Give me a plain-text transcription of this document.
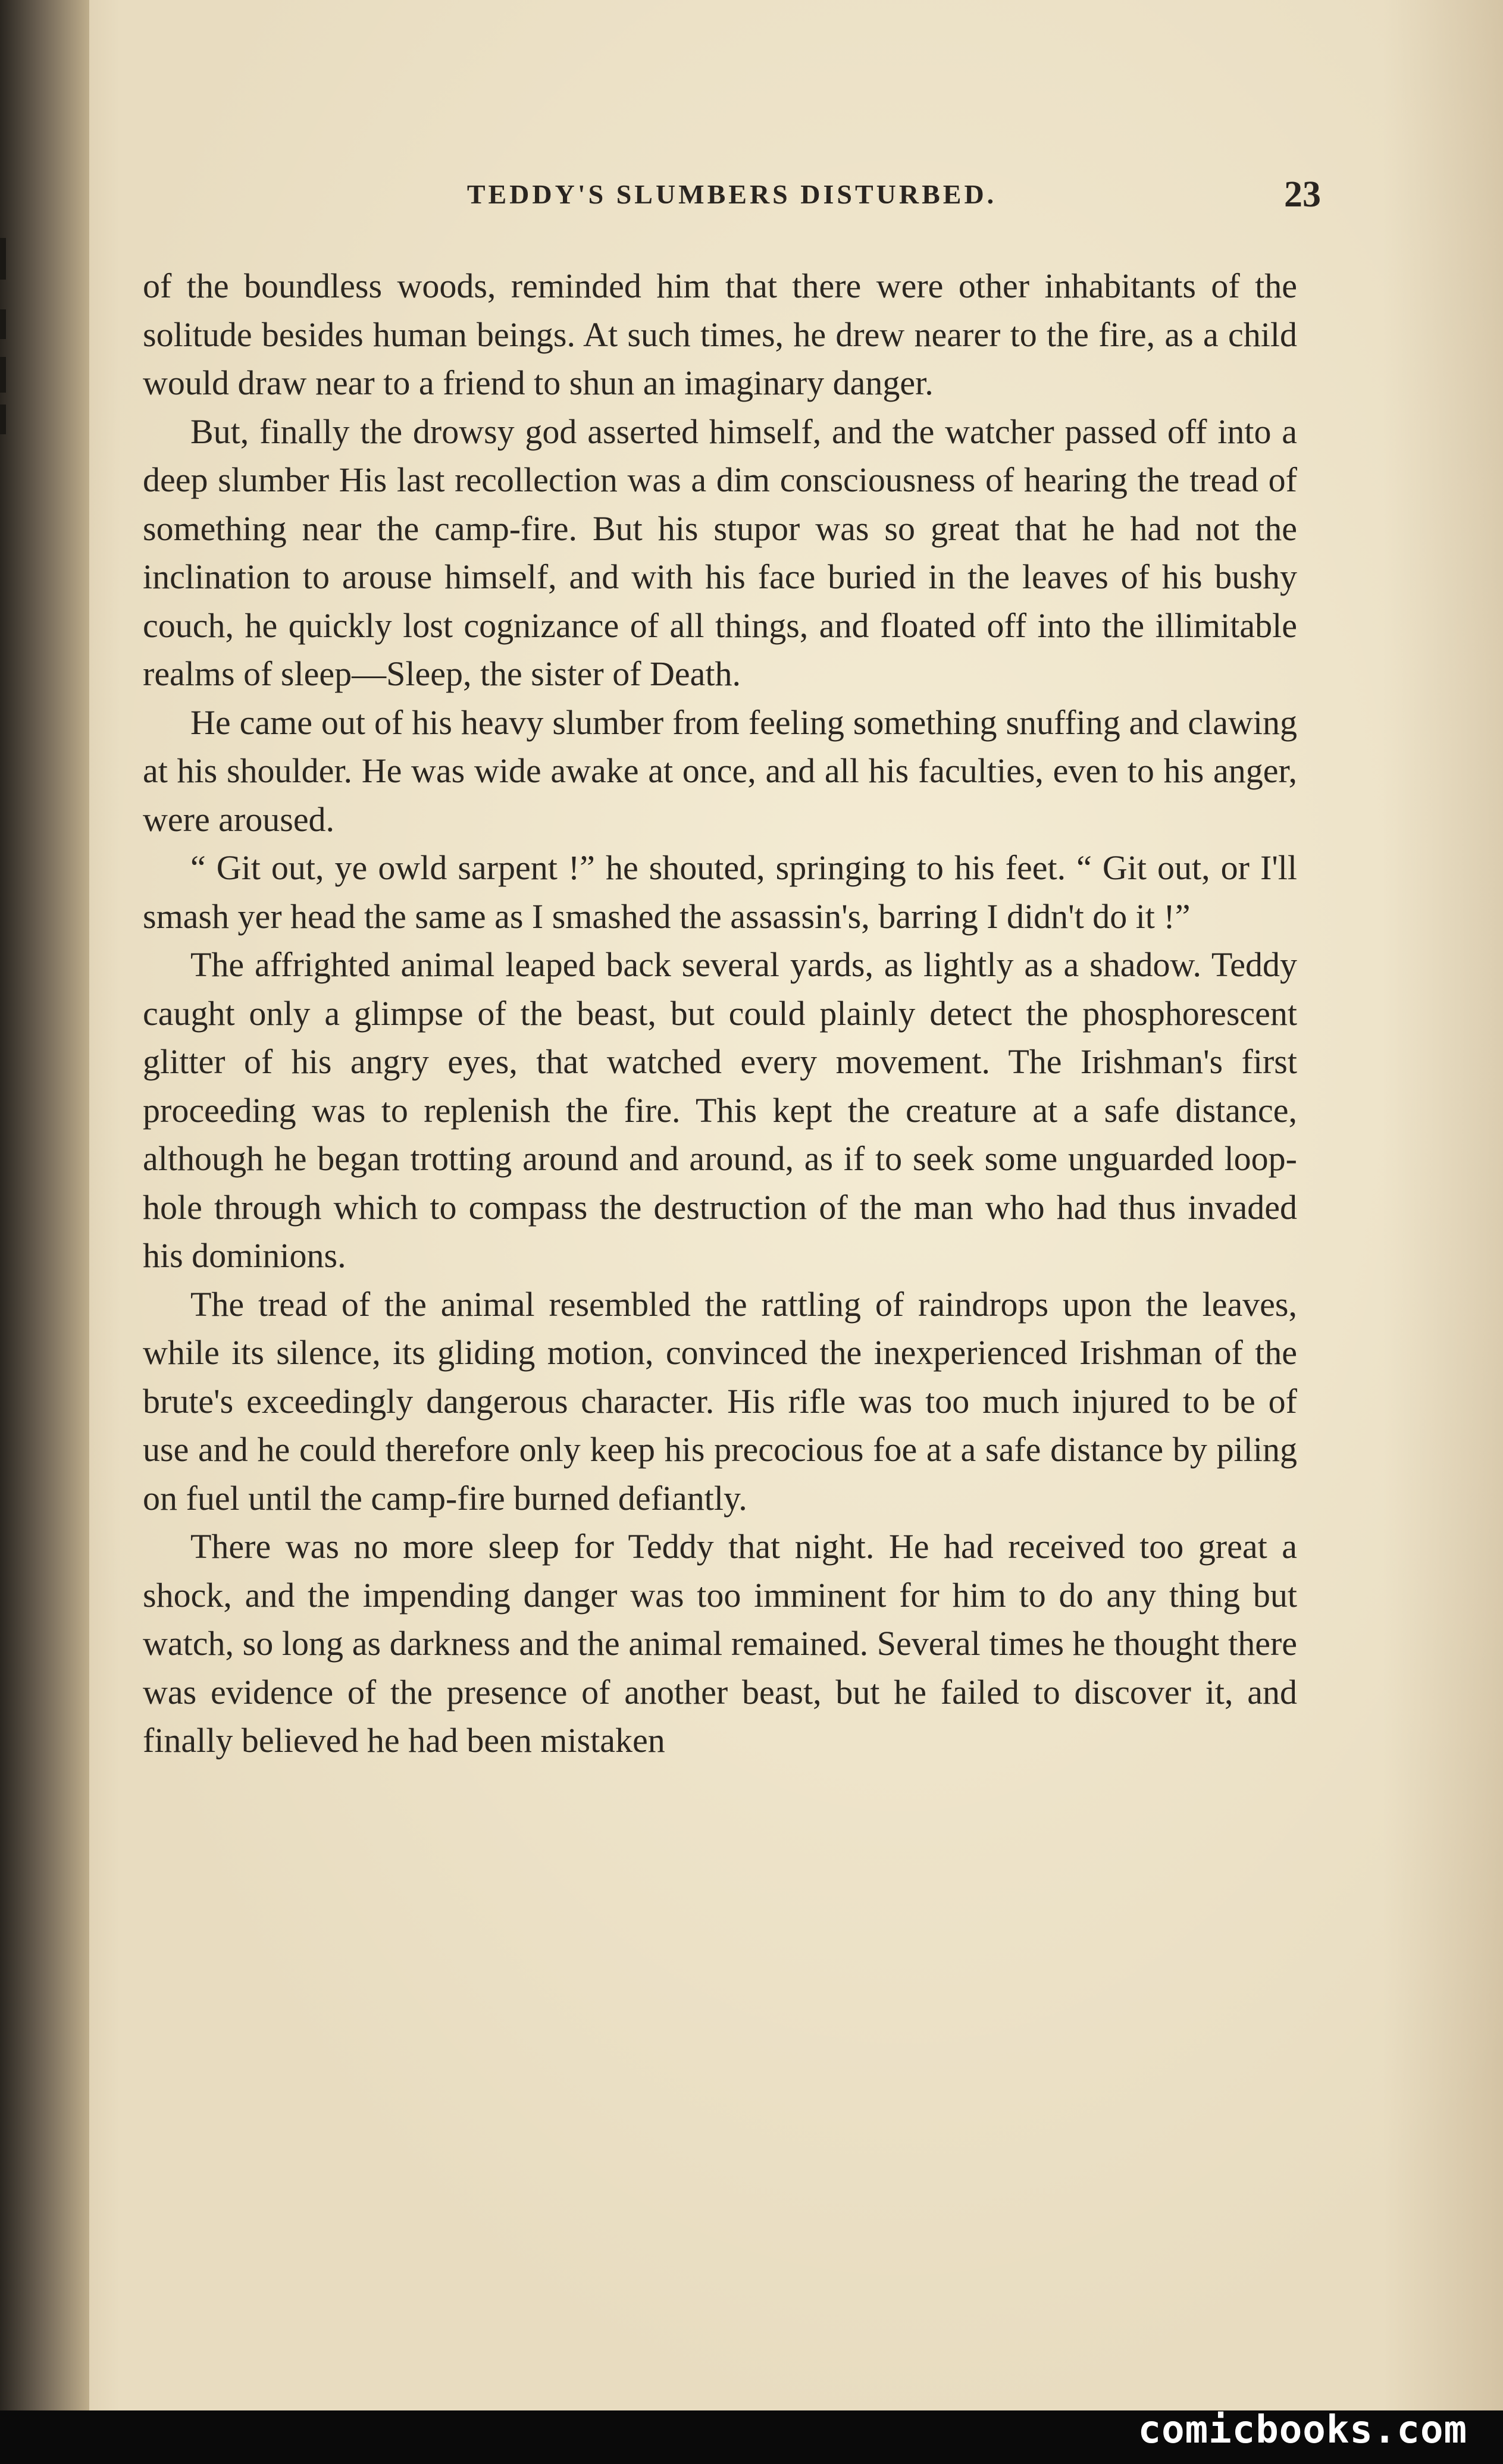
TEDDY'S SLUMBERS DISTURBED.	23

of the boundless woods, reminded him that there were other inhabitants of the solitude besides human beings. At such times, he drew nearer to the fire, as a child would draw near to a friend to shun an imaginary danger.

But, finally the drowsy god asserted himself, and the watcher passed off into a deep slumber His last recollection was a dim consciousness of hearing the tread of something near the camp-fire. But his stupor was so great that he had not the inclination to arouse himself, and with his face buried in the leaves of his bushy couch, he quickly lost cognizance of all things, and floated off into the illimitable realms of sleep—Sleep, the sister of Death.

He came out of his heavy slumber from feeling something snuffing and clawing at his shoulder. He was wide awake at once, and all his faculties, even to his anger, were aroused.

“ Git out, ye owld sarpent !” he shouted, springing to his feet. “ Git out, or I'll smash yer head the same as I smashed the assassin's, barring I didn't do it !”

The affrighted animal leaped back several yards, as lightly as a shadow. Teddy caught only a glimpse of the beast, but could plainly detect the phosphorescent glitter of his angry eyes, that watched every movement. The Irishman's first proceeding was to replenish the fire. This kept the creature at a safe distance, although he began trotting around and around, as if to seek some unguarded loop-hole through which to compass the destruction of the man who had thus invaded his dominions.

The tread of the animal resembled the rattling of raindrops upon the leaves, while its silence, its gliding motion, convinced the inexperienced Irishman of the brute's exceedingly dangerous character. His rifle was too much injured to be of use and he could therefore only keep his precocious foe at a safe distance by piling on fuel until the camp-fire burned defiantly.

There was no more sleep for Teddy that night. He had received too great a shock, and the impending danger was too imminent for him to do any thing but watch, so long as darkness and the animal remained. Several times he thought there was evidence of the presence of another beast, but he failed to discover it, and finally believed he had been mistaken

comicbooks.com
